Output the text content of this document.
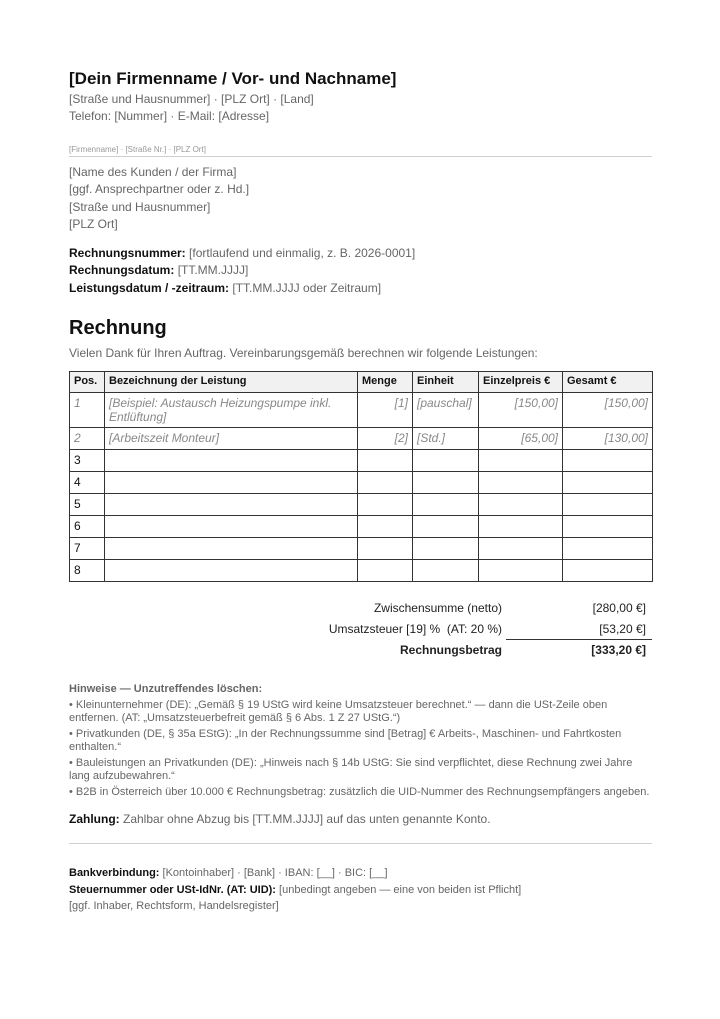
[Dein Firmenname / Vor- und Nachname]
[Straße und Hausnummer] · [PLZ Ort] · [Land]
Telefon: [Nummer] · E-Mail: [Adresse]
[Firmenname] · [Straße Nr.] · [PLZ Ort]
[Name des Kunden / der Firma]
[ggf. Ansprechpartner oder z. Hd.]
[Straße und Hausnummer]
[PLZ Ort]
Rechnungsnummer: [fortlaufend und einmalig, z. B. 2026-0001]
Rechnungsdatum: [TT.MM.JJJJ]
Leistungsdatum / -zeitraum: [TT.MM.JJJJ oder Zeitraum]
Rechnung
Vielen Dank für Ihren Auftrag. Vereinbarungsgemäß berechnen wir folgende Leistungen:
Pos.	Bezeichnung der Leistung	Menge	Einheit	Einzelpreis €	Gesamt €
1	[Beispiel: Austausch Heizungspumpe inkl. Entlüftung]	[1]	[pauschal]	[150,00]	[150,00]
2	[Arbeitszeit Monteur]	[2]	[Std.]	[65,00]	[130,00]
3					
4					
5					
6					
7					
8					
Zwischensumme (netto)	[280,00 €]
Umsatzsteuer [19] %  (AT: 20 %)	[53,20 €]
Rechnungsbetrag	[333,20 €]
Hinweise — Unzutreffendes löschen:
• Kleinunternehmer (DE): „Gemäß § 19 UStG wird keine Umsatzsteuer berechnet.“ — dann die USt-Zeile oben entfernen. (AT: „Umsatzsteuerbefreit gemäß § 6 Abs. 1 Z 27 UStG.“)
• Privatkunden (DE, § 35a EStG): „In der Rechnungssumme sind [Betrag] € Arbeits-, Maschinen- und Fahrtkosten enthalten.“
• Bauleistungen an Privatkunden (DE): „Hinweis nach § 14b UStG: Sie sind verpflichtet, diese Rechnung zwei Jahre lang aufzubewahren.“
• B2B in Österreich über 10.000 € Rechnungsbetrag: zusätzlich die UID-Nummer des Rechnungsempfängers angeben.
Zahlung: Zahlbar ohne Abzug bis [TT.MM.JJJJ] auf das unten genannte Konto.
Bankverbindung: [Kontoinhaber] · [Bank] · IBAN: [__] · BIC: [__]
Steuernummer oder USt-IdNr. (AT: UID): [unbedingt angeben — eine von beiden ist Pflicht]
[ggf. Inhaber, Rechtsform, Handelsregister]
